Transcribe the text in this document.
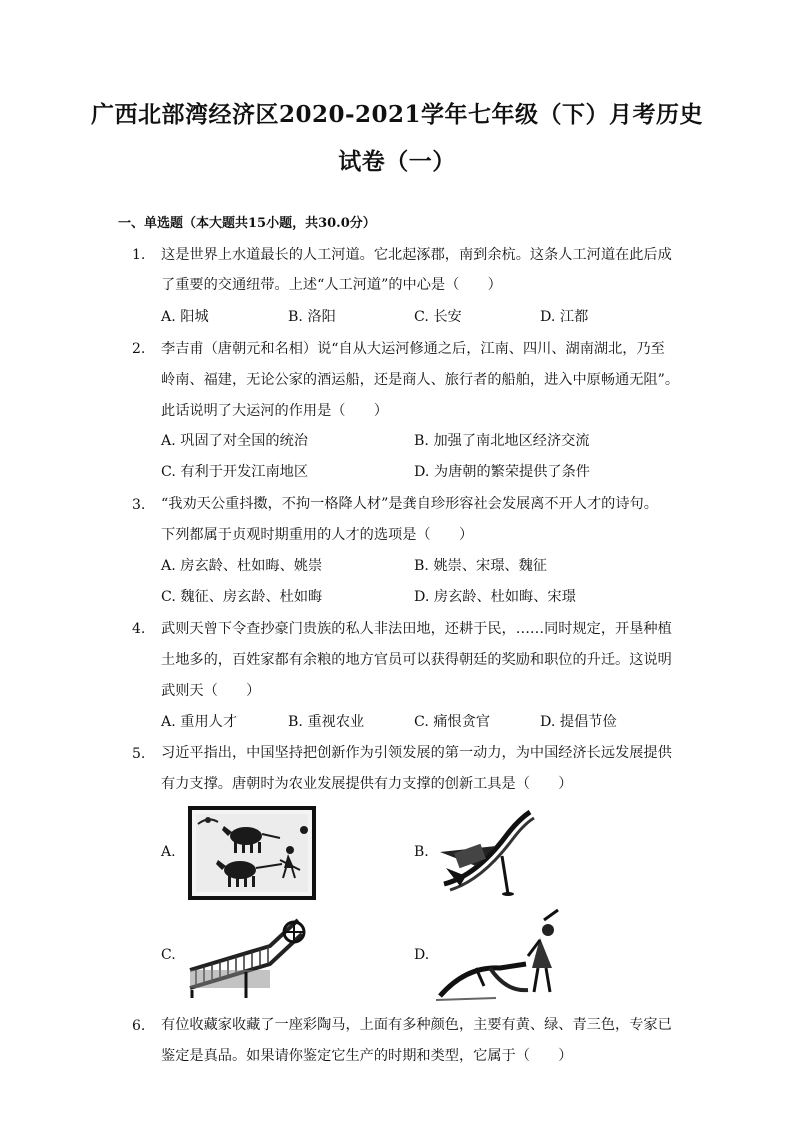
广西北部湾经济区2020-2021学年七年级（下）月考历史
试卷（一）
一、单选题（本大题共15小题，共30.0分）
1. 这是世界上水道最长的人工河道。它北起涿郡，南到余杭。这条人工河道在此后成
了重要的交通纽带。上述“人工河道”的中心是（　　）
A. 阳城	B. 洛阳	C. 长安	D. 江都
2. 李吉甫（唐朝元和名相）说“自从大运河修通之后，江南、四川、湖南湖北，乃至
岭南、福建，无论公家的酒运船，还是商人、旅行者的船舶，进入中原畅通无阻”。
此话说明了大运河的作用是（　　）
A. 巩固了对全国的统治	B. 加强了南北地区经济交流
C. 有利于开发江南地区	D. 为唐朝的繁荣提供了条件
3. “我劝天公重抖擞，不拘一格降人材”是龚自珍形容社会发展离不开人才的诗句。
下列都属于贞观时期重用的人才的选项是（　　）
A. 房玄龄、杜如晦、姚崇	B. 姚崇、宋璟、魏征
C. 魏征、房玄龄、杜如晦	D. 房玄龄、杜如晦、宋璟
4. 武则天曾下令查抄豪门贵族的私人非法田地，还耕于民，……同时规定，开垦种植
土地多的，百姓家都有余粮的地方官员可以获得朝廷的奖励和职位的升迁。这说明
武则天（　　）
A. 重用人才	B. 重视农业	C. 痛恨贪官	D. 提倡节俭
5. 习近平指出，中国坚持把创新作为引领发展的第一动力，为中国经济长远发展提供
有力支撑。唐朝时为农业发展提供有力支撑的创新工具是（　　）
A.	B.
C.	D.
6. 有位收藏家收藏了一座彩陶马，上面有多种颜色，主要有黄、绿、青三色，专家已
鉴定是真品。如果请你鉴定它生产的时期和类型，它属于（　　）
